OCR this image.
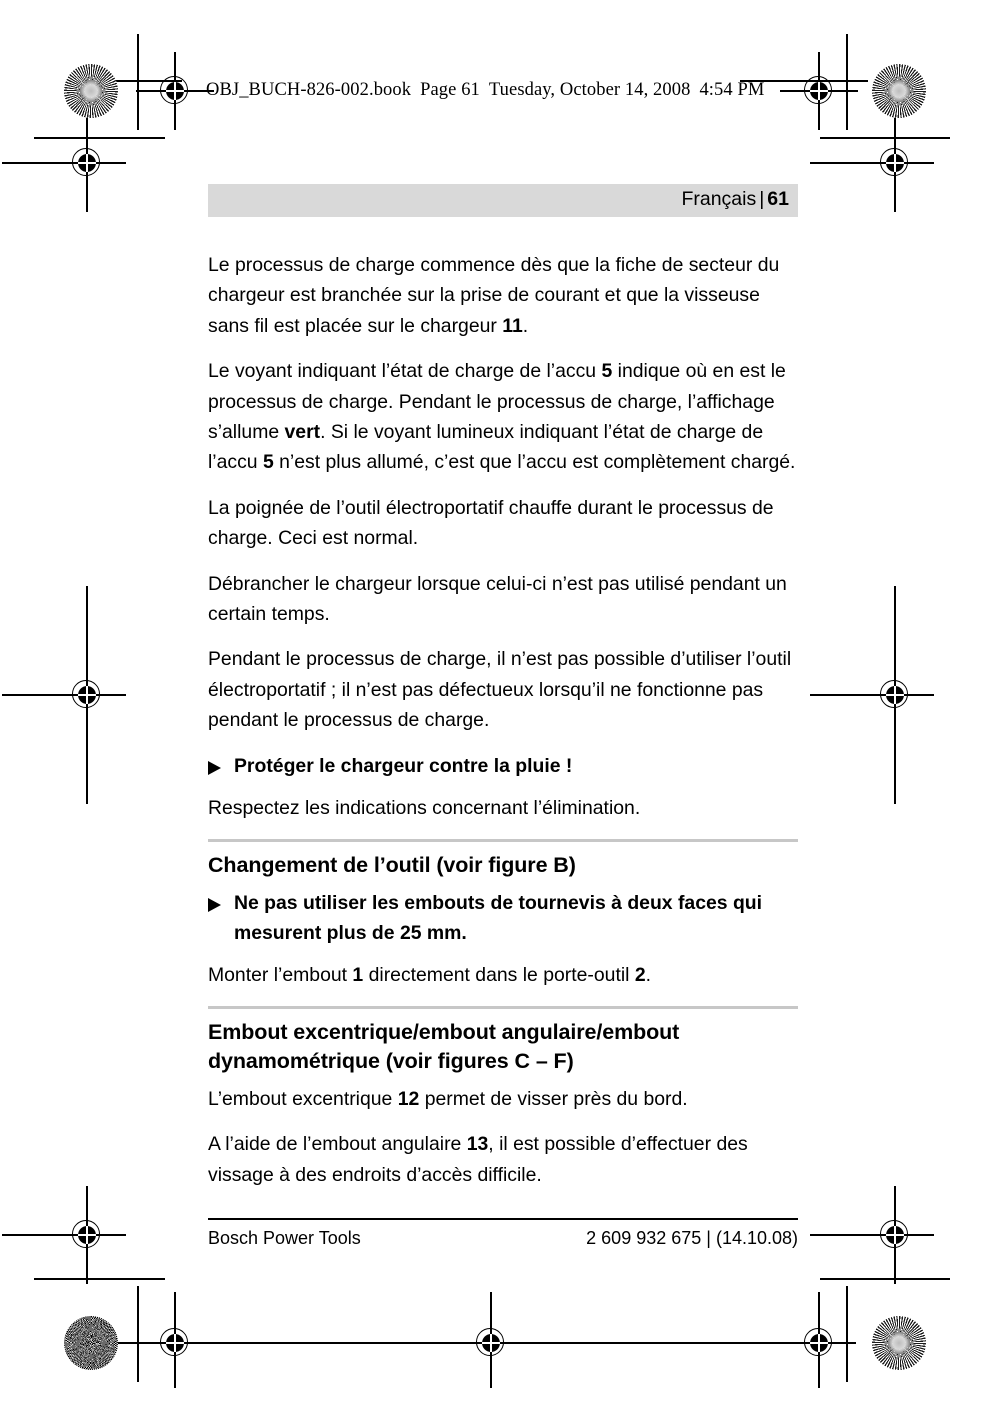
OBJ_BUCH-826-002.book Page 61 Tuesday, October 14, 2008 4:54 PM
Français | 61

Le processus de charge commence dès que la fiche de secteur du chargeur est branchée sur la prise de courant et que la visseuse sans fil est placée sur le chargeur 11.

Le voyant indiquant l’état de charge de l’accu 5 indique où en est le processus de charge. Pendant le processus de charge, l’affichage s’allume vert. Si le voyant lumineux indiquant l’état de charge de l’accu 5 n’est plus allumé, c’est que l’accu est complètement chargé.

La poignée de l’outil électroportatif chauffe durant le processus de charge. Ceci est normal.

Débrancher le chargeur lorsque celui-ci n’est pas utilisé pendant un certain temps.

Pendant le processus de charge, il n’est pas possible d’utiliser l’outil électroportatif ; il n’est pas défectueux lorsqu’il ne fonctionne pas pendant le processus de charge.

Protéger le chargeur contre la pluie !

Respectez les indications concernant l’élimination.

Changement de l’outil (voir figure B)
Ne pas utiliser les embouts de tournevis à deux faces qui mesurent plus de 25 mm.

Monter l’embout 1 directement dans le porte-outil 2.

Embout excentrique/embout angulaire/embout dynamométrique (voir figures C – F)

L’embout excentrique 12 permet de visser près du bord.

A l’aide de l’embout angulaire 13, il est possible d’effectuer des vissage à des endroits d’accès difficile.

Bosch Power Tools	2 609 932 675 | (14.10.08)
